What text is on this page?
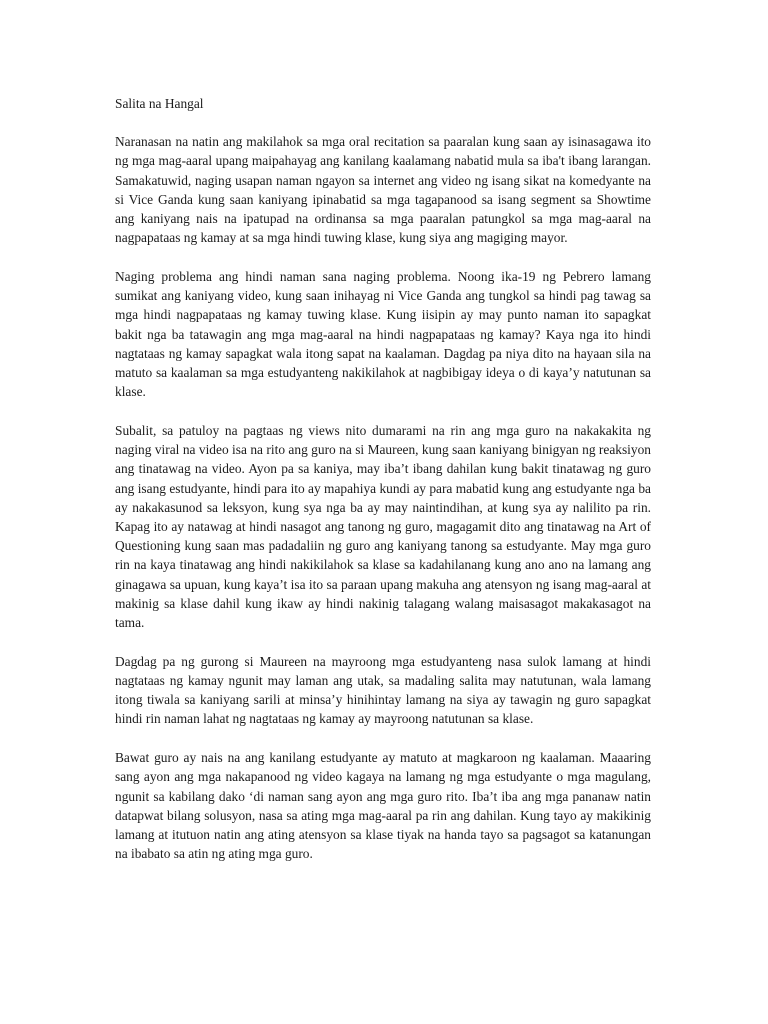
Salita na Hangal

Naranasan na natin ang makilahok sa mga oral recitation sa paaralan kung saan ay isinasagawa ito ng mga mag-aaral upang maipahayag ang kanilang kaalamang nabatid mula sa iba't ibang larangan. Samakatuwid, naging usapan naman ngayon sa internet ang video ng isang sikat na komedyante na si Vice Ganda kung saan kaniyang ipinabatid sa mga tagapanood sa isang segment sa Showtime ang kaniyang nais na ipatupad na ordinansa sa mga paaralan patungkol sa mga mag-aaral na nagpapataas ng kamay at sa mga hindi tuwing klase, kung siya ang magiging mayor.

Naging problema ang hindi naman sana naging problema. Noong ika-19 ng Pebrero lamang sumikat ang kaniyang video, kung saan inihayag ni Vice Ganda ang tungkol sa hindi pag tawag sa mga hindi nagpapataas ng kamay tuwing klase. Kung iisipin ay may punto naman ito sapagkat bakit nga ba tatawagin ang mga mag-aaral na hindi nagpapataas ng kamay? Kaya nga ito hindi nagtataas ng kamay sapagkat wala itong sapat na kaalaman. Dagdag pa niya dito na hayaan sila na matuto sa kaalaman sa mga estudyanteng nakikilahok at nagbibigay ideya o di kaya’y natutunan sa klase.

Subalit, sa patuloy na pagtaas ng views nito dumarami na rin ang mga guro na nakakakita ng naging viral na video isa na rito ang guro na si Maureen, kung saan kaniyang binigyan ng reaksiyon ang tinatawag na video. Ayon pa sa kaniya, may iba’t ibang dahilan kung bakit tinatawag ng guro ang isang estudyante, hindi para ito ay mapahiya kundi ay para mabatid kung ang estudyante nga ba ay nakakasunod sa leksyon, kung sya nga ba ay may naintindihan, at kung sya ay nalilito pa rin. Kapag ito ay natawag at hindi nasagot ang tanong ng guro, magagamit dito ang tinatawag na Art of Questioning kung saan mas padadaliin ng guro ang kaniyang tanong sa estudyante. May mga guro rin na kaya tinatawag ang hindi nakikilahok sa klase sa kadahilanang kung ano ano na lamang ang ginagawa sa upuan, kung kaya’t isa ito sa paraan upang makuha ang atensyon ng isang mag-aaral at makinig sa klase dahil kung ikaw ay hindi nakinig talagang walang maisasagot makakasagot na tama.

Dagdag pa ng gurong si Maureen na mayroong mga estudyanteng nasa sulok lamang at hindi nagtataas ng kamay ngunit may laman ang utak, sa madaling salita may natutunan, wala lamang itong tiwala sa kaniyang sarili at minsa’y hinihintay lamang na siya ay tawagin ng guro sapagkat hindi rin naman lahat ng nagtataas ng kamay ay mayroong natutunan sa klase.

Bawat guro ay nais na ang kanilang estudyante ay matuto at magkaroon ng kaalaman. Maaaring sang ayon ang mga nakapanood ng video kagaya na lamang ng mga estudyante o mga magulang, ngunit sa kabilang dako ‘di naman sang ayon ang mga guro rito. Iba’t iba ang mga pananaw natin datapwat bilang solusyon, nasa sa ating mga mag-aaral pa rin ang dahilan. Kung tayo ay makikinig lamang at itutuon natin ang ating atensyon sa klase tiyak na handa tayo sa pagsagot sa katanungan na ibabato sa atin ng ating mga guro.
